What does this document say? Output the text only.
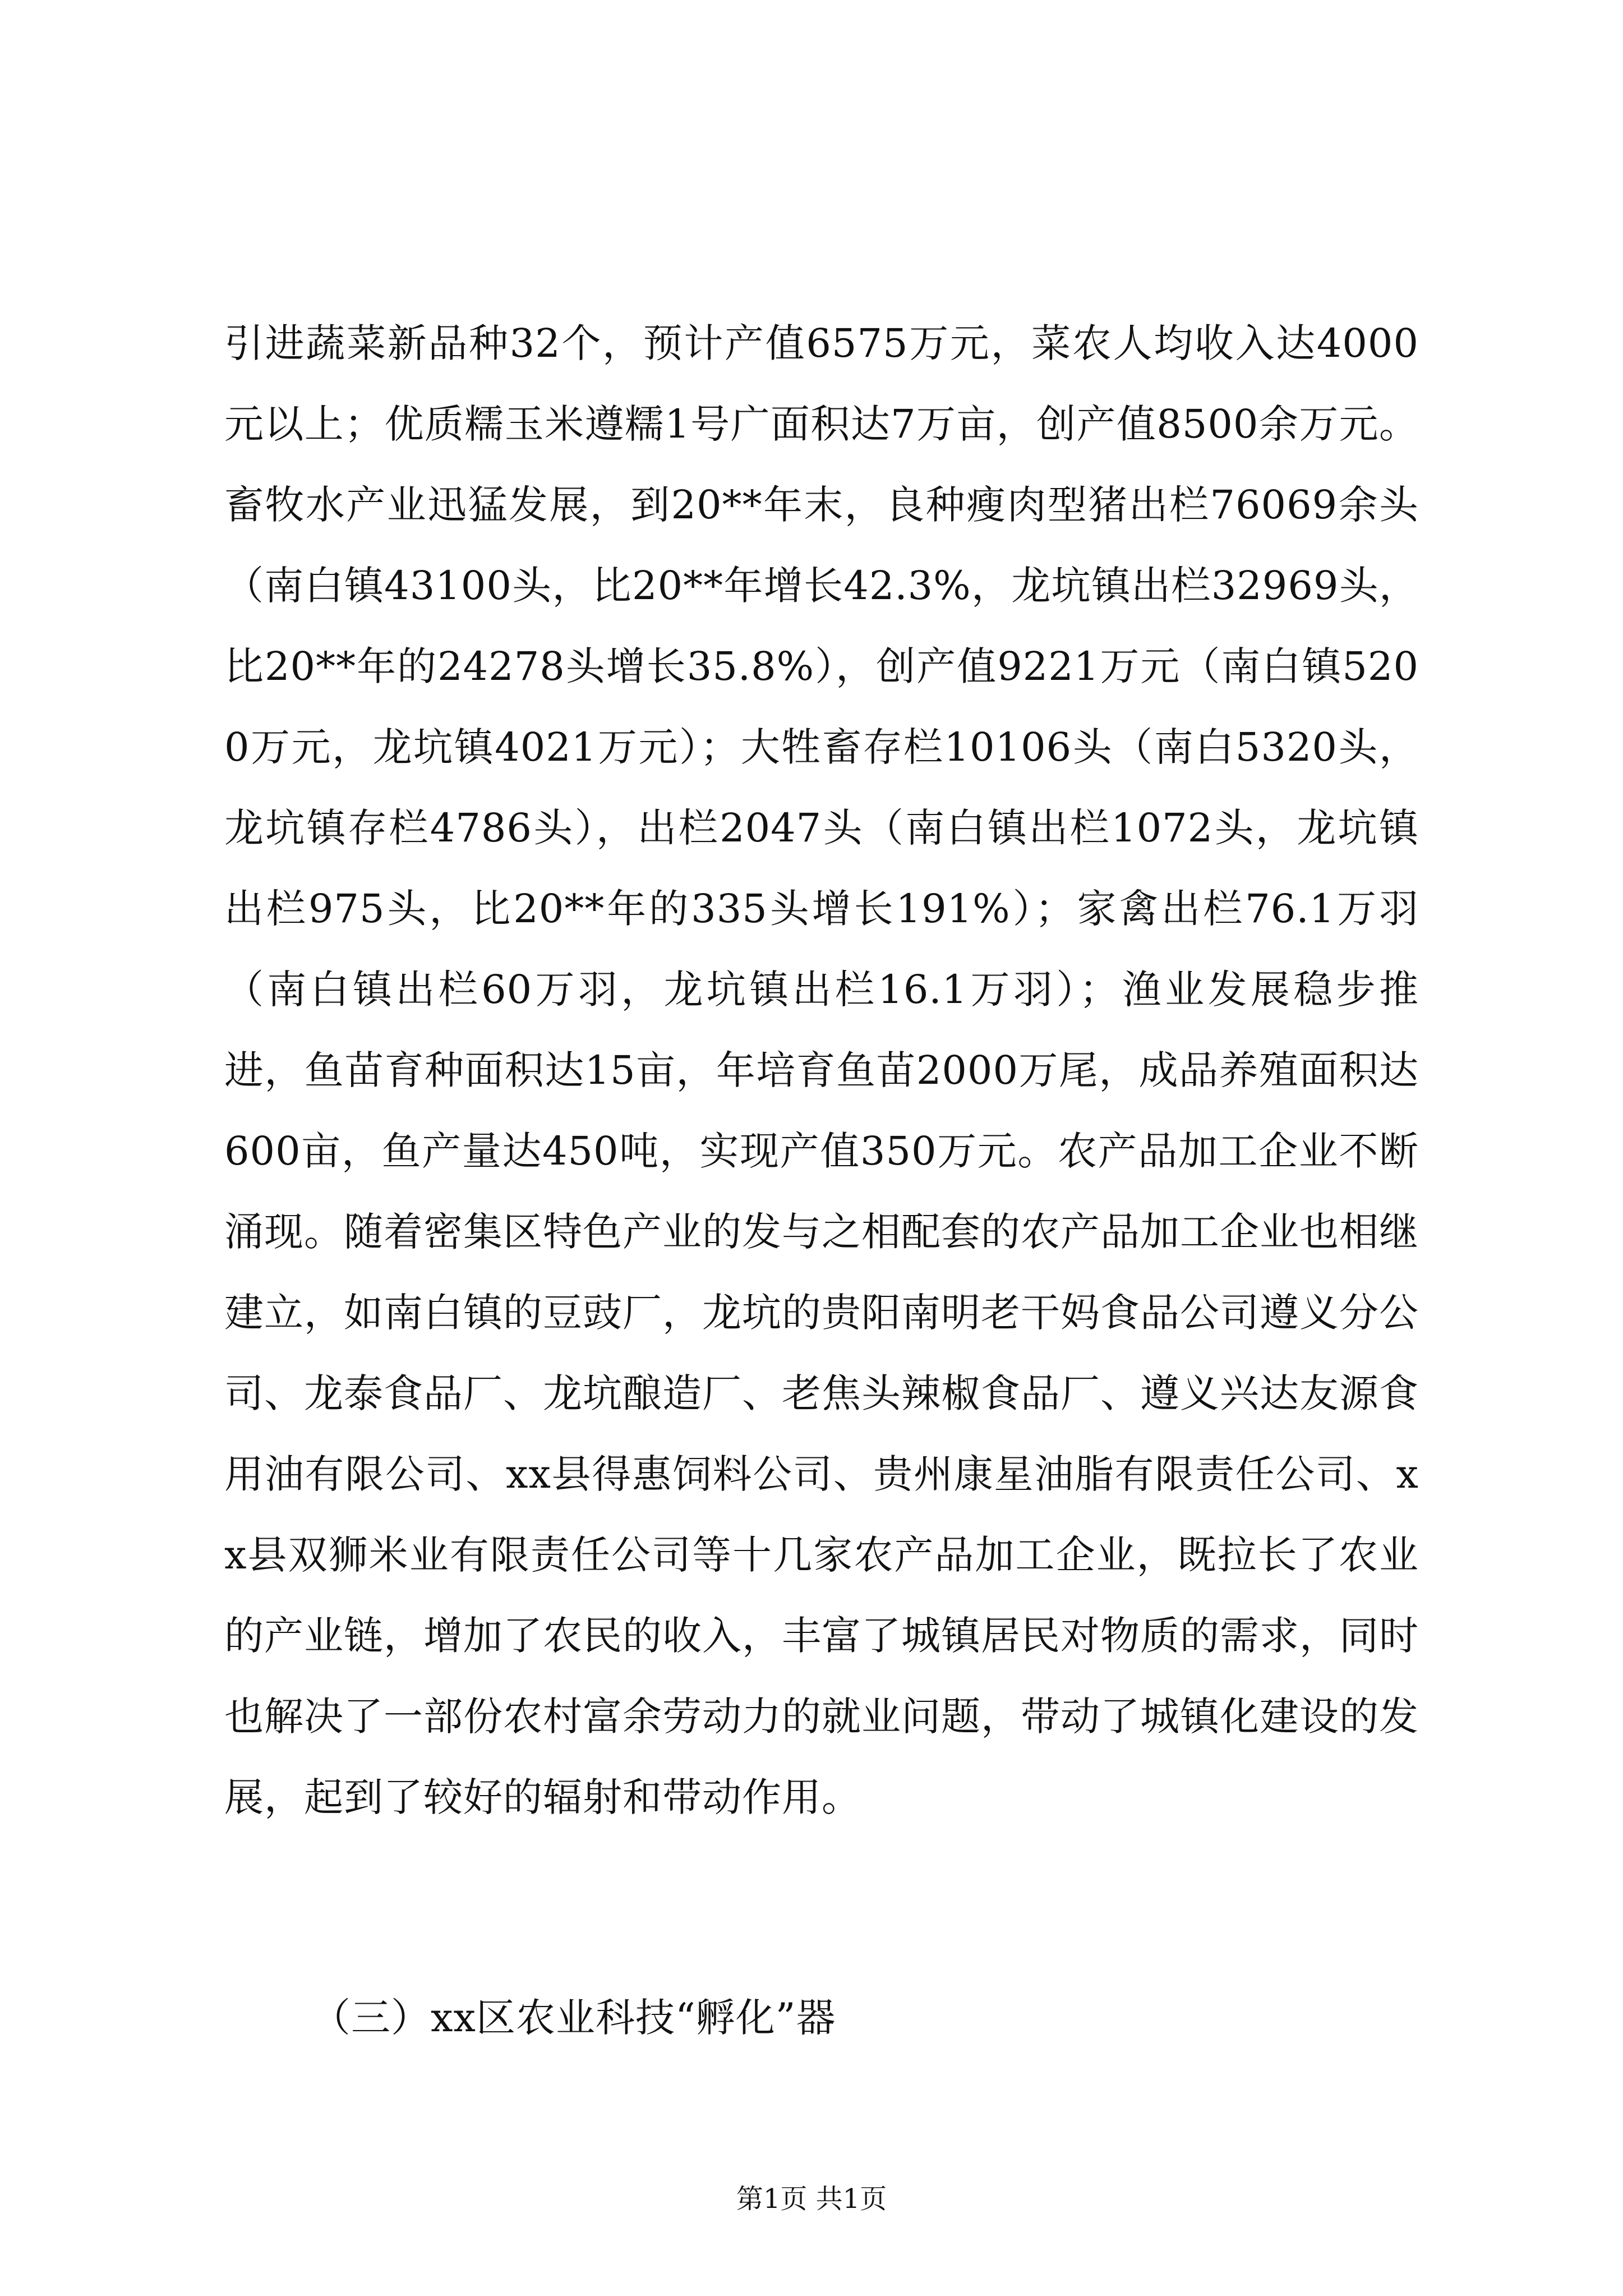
引进蔬菜新品种32个，预计产值6575万元，菜农人均收入达4000元以上；优质糯玉米遵糯1号广面积达7万亩，创产值8500余万元。畜牧水产业迅猛发展，到20**年末，良种瘦肉型猪出栏76069余头（南白镇43100头，比20**年增长42.3%，龙坑镇出栏32969头，比20**年的24278头增长35.8%），创产值9221万元（南白镇5200万元，龙坑镇4021万元）；大牲畜存栏10106头（南白5320头，龙坑镇存栏4786头），出栏2047头（南白镇出栏1072头，龙坑镇出栏975头，比20**年的335头增长191%）；家禽出栏76.1万羽（南白镇出栏60万羽，龙坑镇出栏16.1万羽）；渔业发展稳步推进，鱼苗育种面积达15亩，年培育鱼苗2000万尾，成品养殖面积达600亩，鱼产量达450吨，实现产值350万元。农产品加工企业不断涌现。随着密集区特色产业的发与之相配套的农产品加工企业也相继建立，如南白镇的豆豉厂，龙坑的贵阳南明老干妈食品公司遵义分公司、龙泰食品厂、龙坑酿造厂、老焦头辣椒食品厂、遵义兴达友源食用油有限公司、xx县得惠饲料公司、贵州康星油脂有限责任公司、xx县双狮米业有限责任公司等十几家农产品加工企业，既拉长了农业的产业链，增加了农民的收入，丰富了城镇居民对物质的需求，同时也解决了一部份农村富余劳动力的就业问题，带动了城镇化建设的发展，起到了较好的辐射和带动作用。

（三）xx区农业科技“孵化”器
第1页 共1页
